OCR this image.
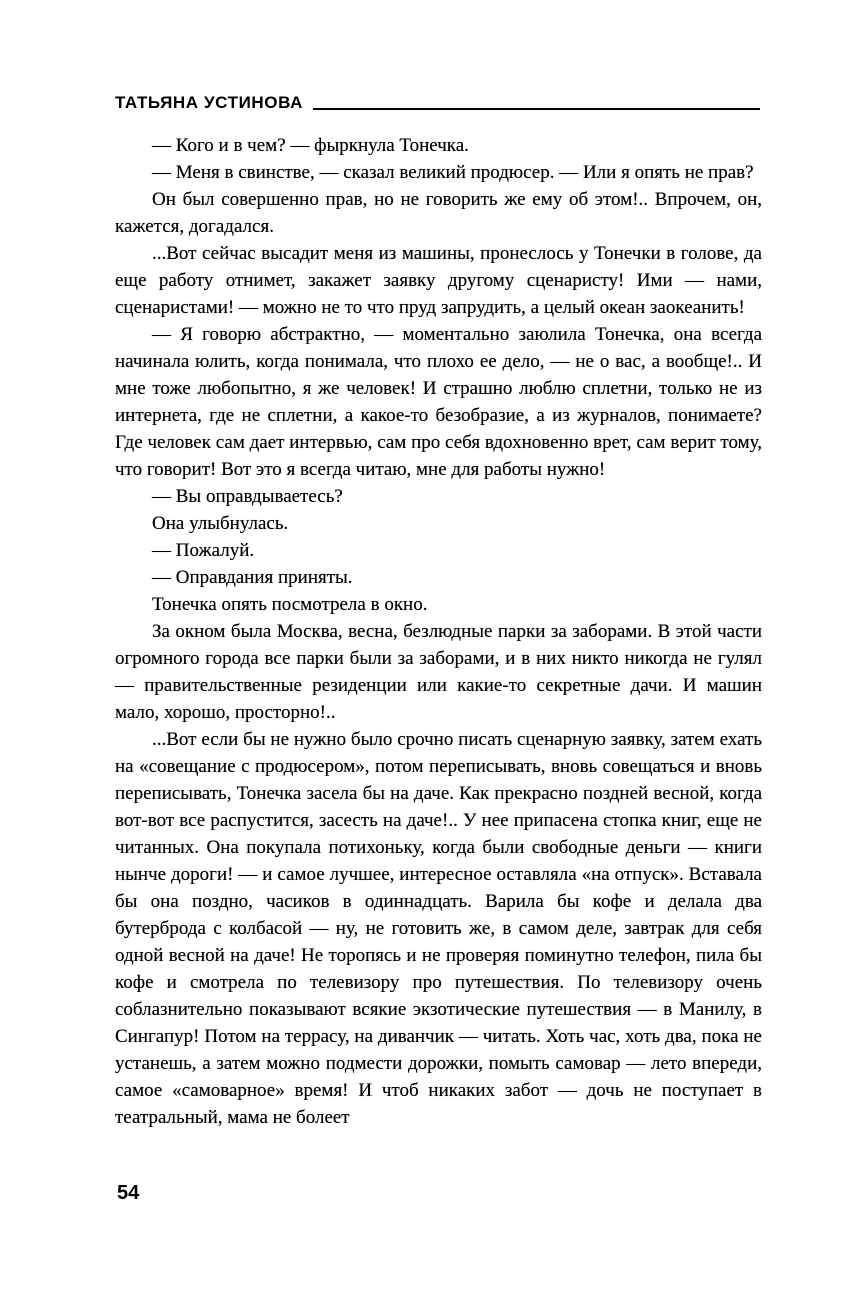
ТАТЬЯНА УСТИНОВА

— Кого и в чем? — фыркнула Тонечка.

— Меня в свинстве, — сказал великий продюсер. — Или я опять не прав?

Он был совершенно прав, но не говорить же ему об этом!.. Впрочем, он, кажется, догадался.

...Вот сейчас высадит меня из машины, пронеслось у Тонечки в голове, да еще работу отнимет, закажет заявку другому сценаристу! Ими — нами, сценаристами! — можно не то что пруд запрудить, а целый океан заокеанить!

— Я говорю абстрактно, — моментально заюлила Тонечка, она всегда начинала юлить, когда понимала, что плохо ее дело, — не о вас, а вообще!.. И мне тоже любопытно, я же человек! И страшно люблю сплетни, только не из интернета, где не сплетни, а какое-то безобразие, а из журналов, понимаете? Где человек сам дает интервью, сам про себя вдохновенно врет, сам верит тому, что говорит! Вот это я всегда читаю, мне для работы нужно!

— Вы оправдываетесь?

Она улыбнулась.

— Пожалуй.

— Оправдания приняты.

Тонечка опять посмотрела в окно.

За окном была Москва, весна, безлюдные парки за заборами. В этой части огромного города все парки были за заборами, и в них никто никогда не гулял — правительственные резиденции или какие-то секретные дачи. И машин мало, хорошо, просторно!..

...Вот если бы не нужно было срочно писать сценарную заявку, затем ехать на «совещание с продюсером», потом переписывать, вновь совещаться и вновь переписывать, Тонечка засела бы на даче. Как прекрасно поздней весной, когда вот-вот все распустится, засесть на даче!.. У нее припасена стопка книг, еще не читанных. Она покупала потихоньку, когда были свободные деньги — книги нынче дороги! — и самое лучшее, интересное оставляла «на отпуск». Вставала бы она поздно, часиков в одиннадцать. Варила бы кофе и делала два бутерброда с колбасой — ну, не готовить же, в самом деле, завтрак для себя одной весной на даче! Не торопясь и не проверяя поминутно телефон, пила бы кофе и смотрела по телевизору про путешествия. По телевизору очень соблазнительно показывают всякие экзотические путешествия — в Манилу, в Сингапур! Потом на террасу, на диванчик — читать. Хоть час, хоть два, пока не устанешь, а затем можно подмести дорожки, помыть самовар — лето впереди, самое «самоварное» время! И чтоб никаких забот — дочь не поступает в театральный, мама не болеет

54
